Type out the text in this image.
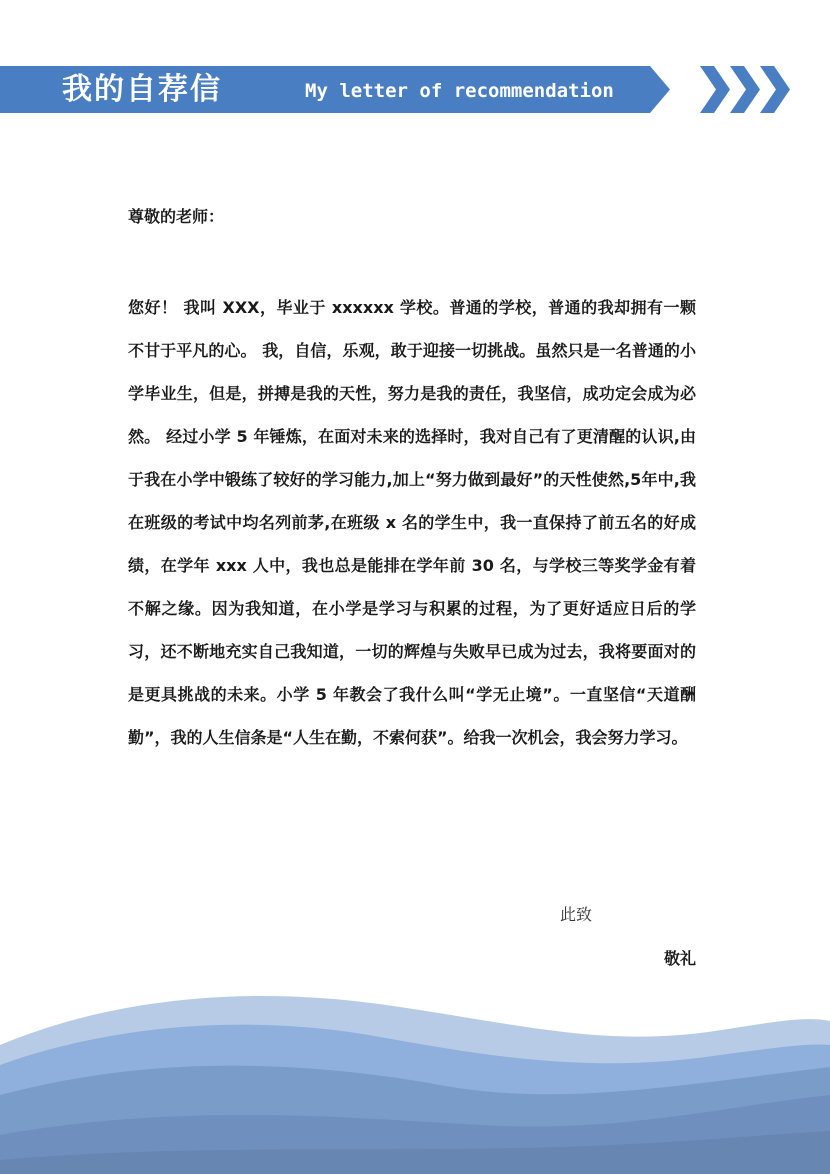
我的自荐信	My letter of recommendation
尊敬的老师：

您好！ 我叫 XXX，毕业于 xxxxxx 学校。普通的学校，普通的我却拥有一颗不甘于平凡的心。 我，自信，乐观，敢于迎接一切挑战。虽然只是一名普通的小学毕业生，但是，拼搏是我的天性，努力是我的责任，我坚信，成功定会成为必然。 经过小学 5 年锤炼，在面对未来的选择时，我对自己有了更清醒的认识,由于我在小学中锻练了较好的学习能力,加上“努力做到最好”的天性使然,5年中,我在班级的考试中均名列前茅,在班级 x 名的学生中，我一直保持了前五名的好成绩，在学年 xxx 人中，我也总是能排在学年前 30 名，与学校三等奖学金有着不解之缘。因为我知道，在小学是学习与积累的过程，为了更好适应日后的学习，还不断地充实自己我知道，一切的辉煌与失败早已成为过去，我将要面对的是更具挑战的未来。小学 5 年教会了我什么叫“学无止境”。一直坚信“天道酬勤”，我的人生信条是“人生在勤，不索何获”。给我一次机会，我会努力学习。

此致
敬礼
